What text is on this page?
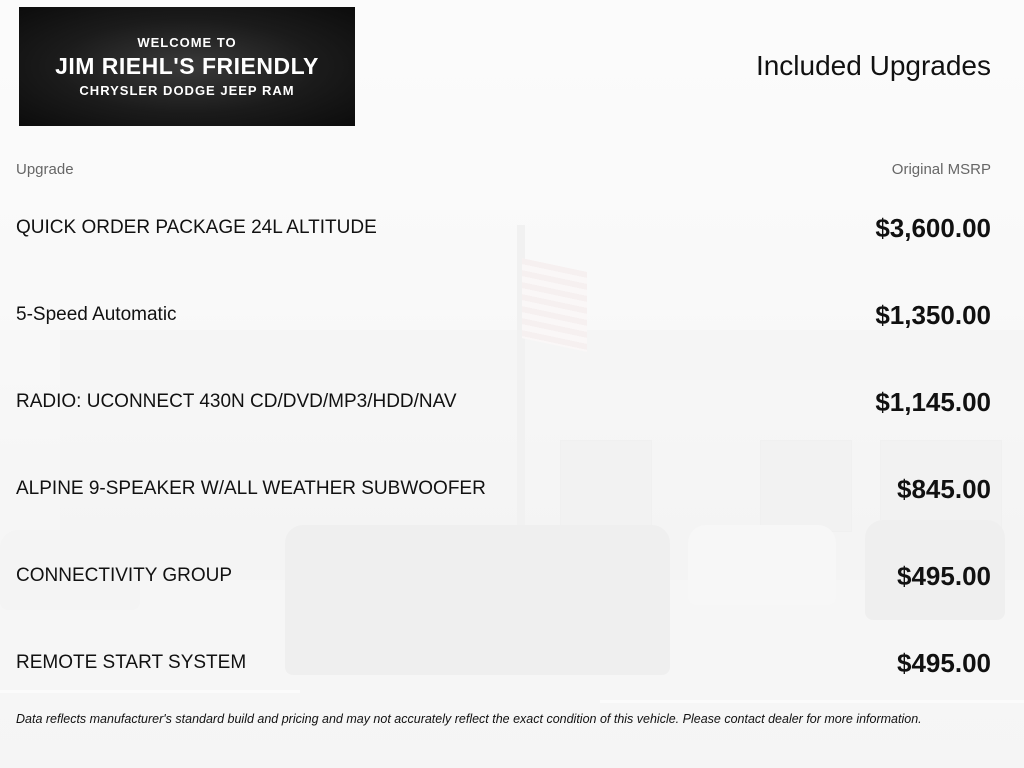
WELCOME TO
JIM RIEHL'S FRIENDLY
CHRYSLER DODGE JEEP RAM
Included Upgrades
Upgrade	Original MSRP
QUICK ORDER PACKAGE 24L ALTITUDE	$3,600.00
5-Speed Automatic	$1,350.00
RADIO: UCONNECT 430N CD/DVD/MP3/HDD/NAV	$1,145.00
ALPINE 9-SPEAKER W/ALL WEATHER SUBWOOFER	$845.00
CONNECTIVITY GROUP	$495.00
REMOTE START SYSTEM	$495.00
Data reflects manufacturer's standard build and pricing and may not accurately reflect the exact condition of this vehicle. Please contact dealer for more information.
